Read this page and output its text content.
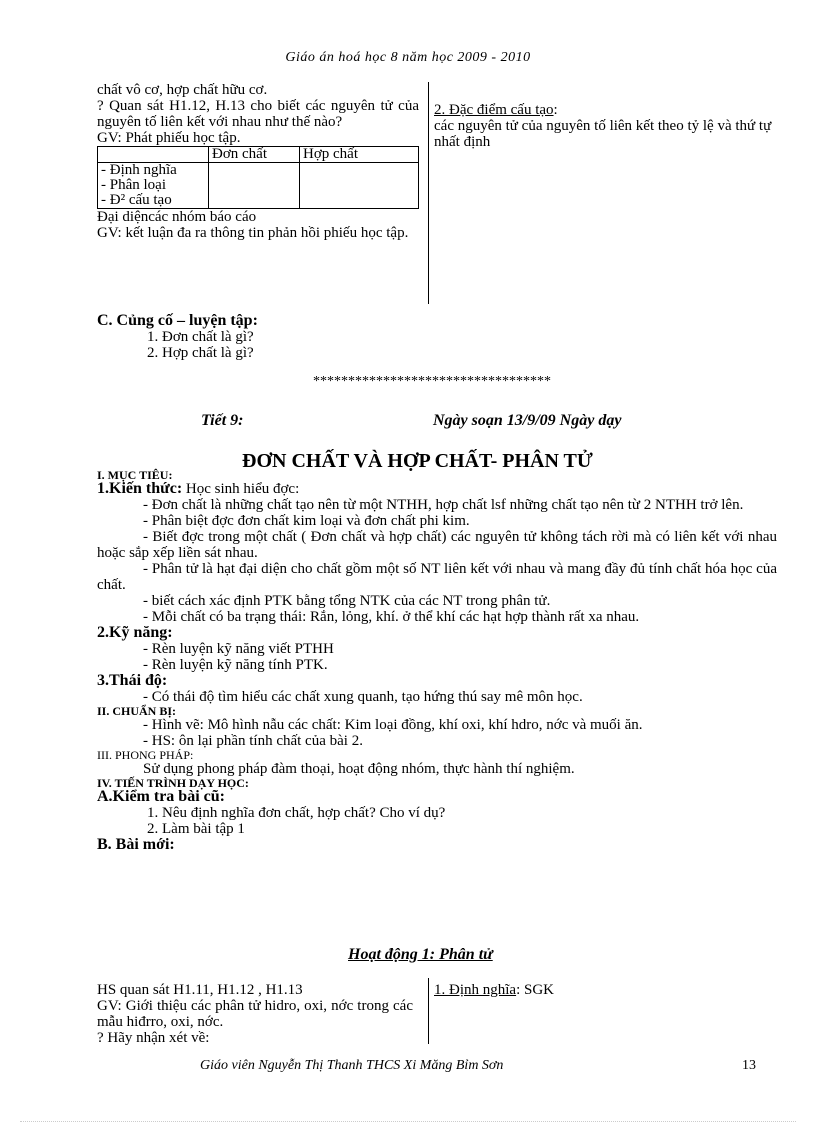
Giáo án hoá học 8 năm học 2009 - 2010
chất vô cơ, hợp chất hữu cơ.
? Quan sát H1.12, H.13 cho biết các nguyên tử của nguyên tố liên kết với nhau như thế nào?
GV: Phát phiếu học tập.
	Đơn chất	Hợp chất

- Định nghĩa
- Phân loại
- Đ² cấu tạo		

Đại diệncác nhóm báo cáo
GV: kết luận đa ra thông tin phản hồi phiếu học tập.
2. Đặc điểm cấu tạo:
các nguyên tử của nguyên tố liên kết theo tỷ lệ và thứ tự nhất định
C. Củng cố – luyện tập:
1. Đơn chất là gì?
2. Hợp chất là gì?
**********************************
Tiết 9:	Ngày soạn 13/9/09 Ngày dạy
ĐƠN CHẤT VÀ HỢP CHẤT- PHÂN TỬ

I. MỤC TIÊU:

1.Kiến thức: Học sinh hiểu đợc:

- Đơn chất là những chất tạo nên từ một NTHH, hợp chất lsf những chất tạo nên từ 2 NTHH trở lên.

- Phân biệt đợc đơn chất kim loại và đơn chất phi kim.

- Biết đợc trong một chất ( Đơn chất và hợp chất) các nguyên tử không tách rời mà có liên kết với nhau hoặc sắp xếp liền sát nhau.

- Phân tử là hạt đại diện cho chất gồm một số NT liên kết với nhau và mang đầy đủ tính chất hóa học của chất.

- biết cách xác định PTK bằng tổng NTK của các NT trong phân tử.

- Mỗi chất có ba trạng thái: Rắn, lỏng, khí. ở thể khí các hạt hợp thành rất xa nhau.

2.Kỹ năng:

- Rèn luyện kỹ năng viết PTHH

- Rèn luyện kỹ năng tính PTK.

3.Thái độ:

- Có thái độ tìm hiểu các chất xung quanh, tạo hứng thú say mê môn học.

II. CHUẨN BỊ:

- Hình vẽ: Mô hình nẫu các chất: Kim loại đồng, khí oxi, khí hdro, nớc và muối ăn.

- HS: ôn lại phần tính chất của bài 2.

III. PHONG PHÁP:

Sử dụng phong pháp đàm thoại, hoạt động nhóm, thực hành thí nghiệm.

IV. TIẾN TRÌNH DẠY HỌC:

A.Kiểm tra bài cũ:

1. Nêu định nghĩa đơn chất, hợp chất? Cho ví dụ?

2. Làm bài tập 1

B. Bài mới:

Hoạt động 1: Phân tử
HS quan sát H1.11, H1.12 , H1.13
GV: Giới thiệu các phân tử hidro, oxi, nớc trong các mẫu hiđrro, oxi, nớc.
? Hãy nhận xét về:
1. Định nghĩa: SGK
Giáo viên Nguyễn Thị Thanh THCS Xi Măng Bỉm Sơn	13
